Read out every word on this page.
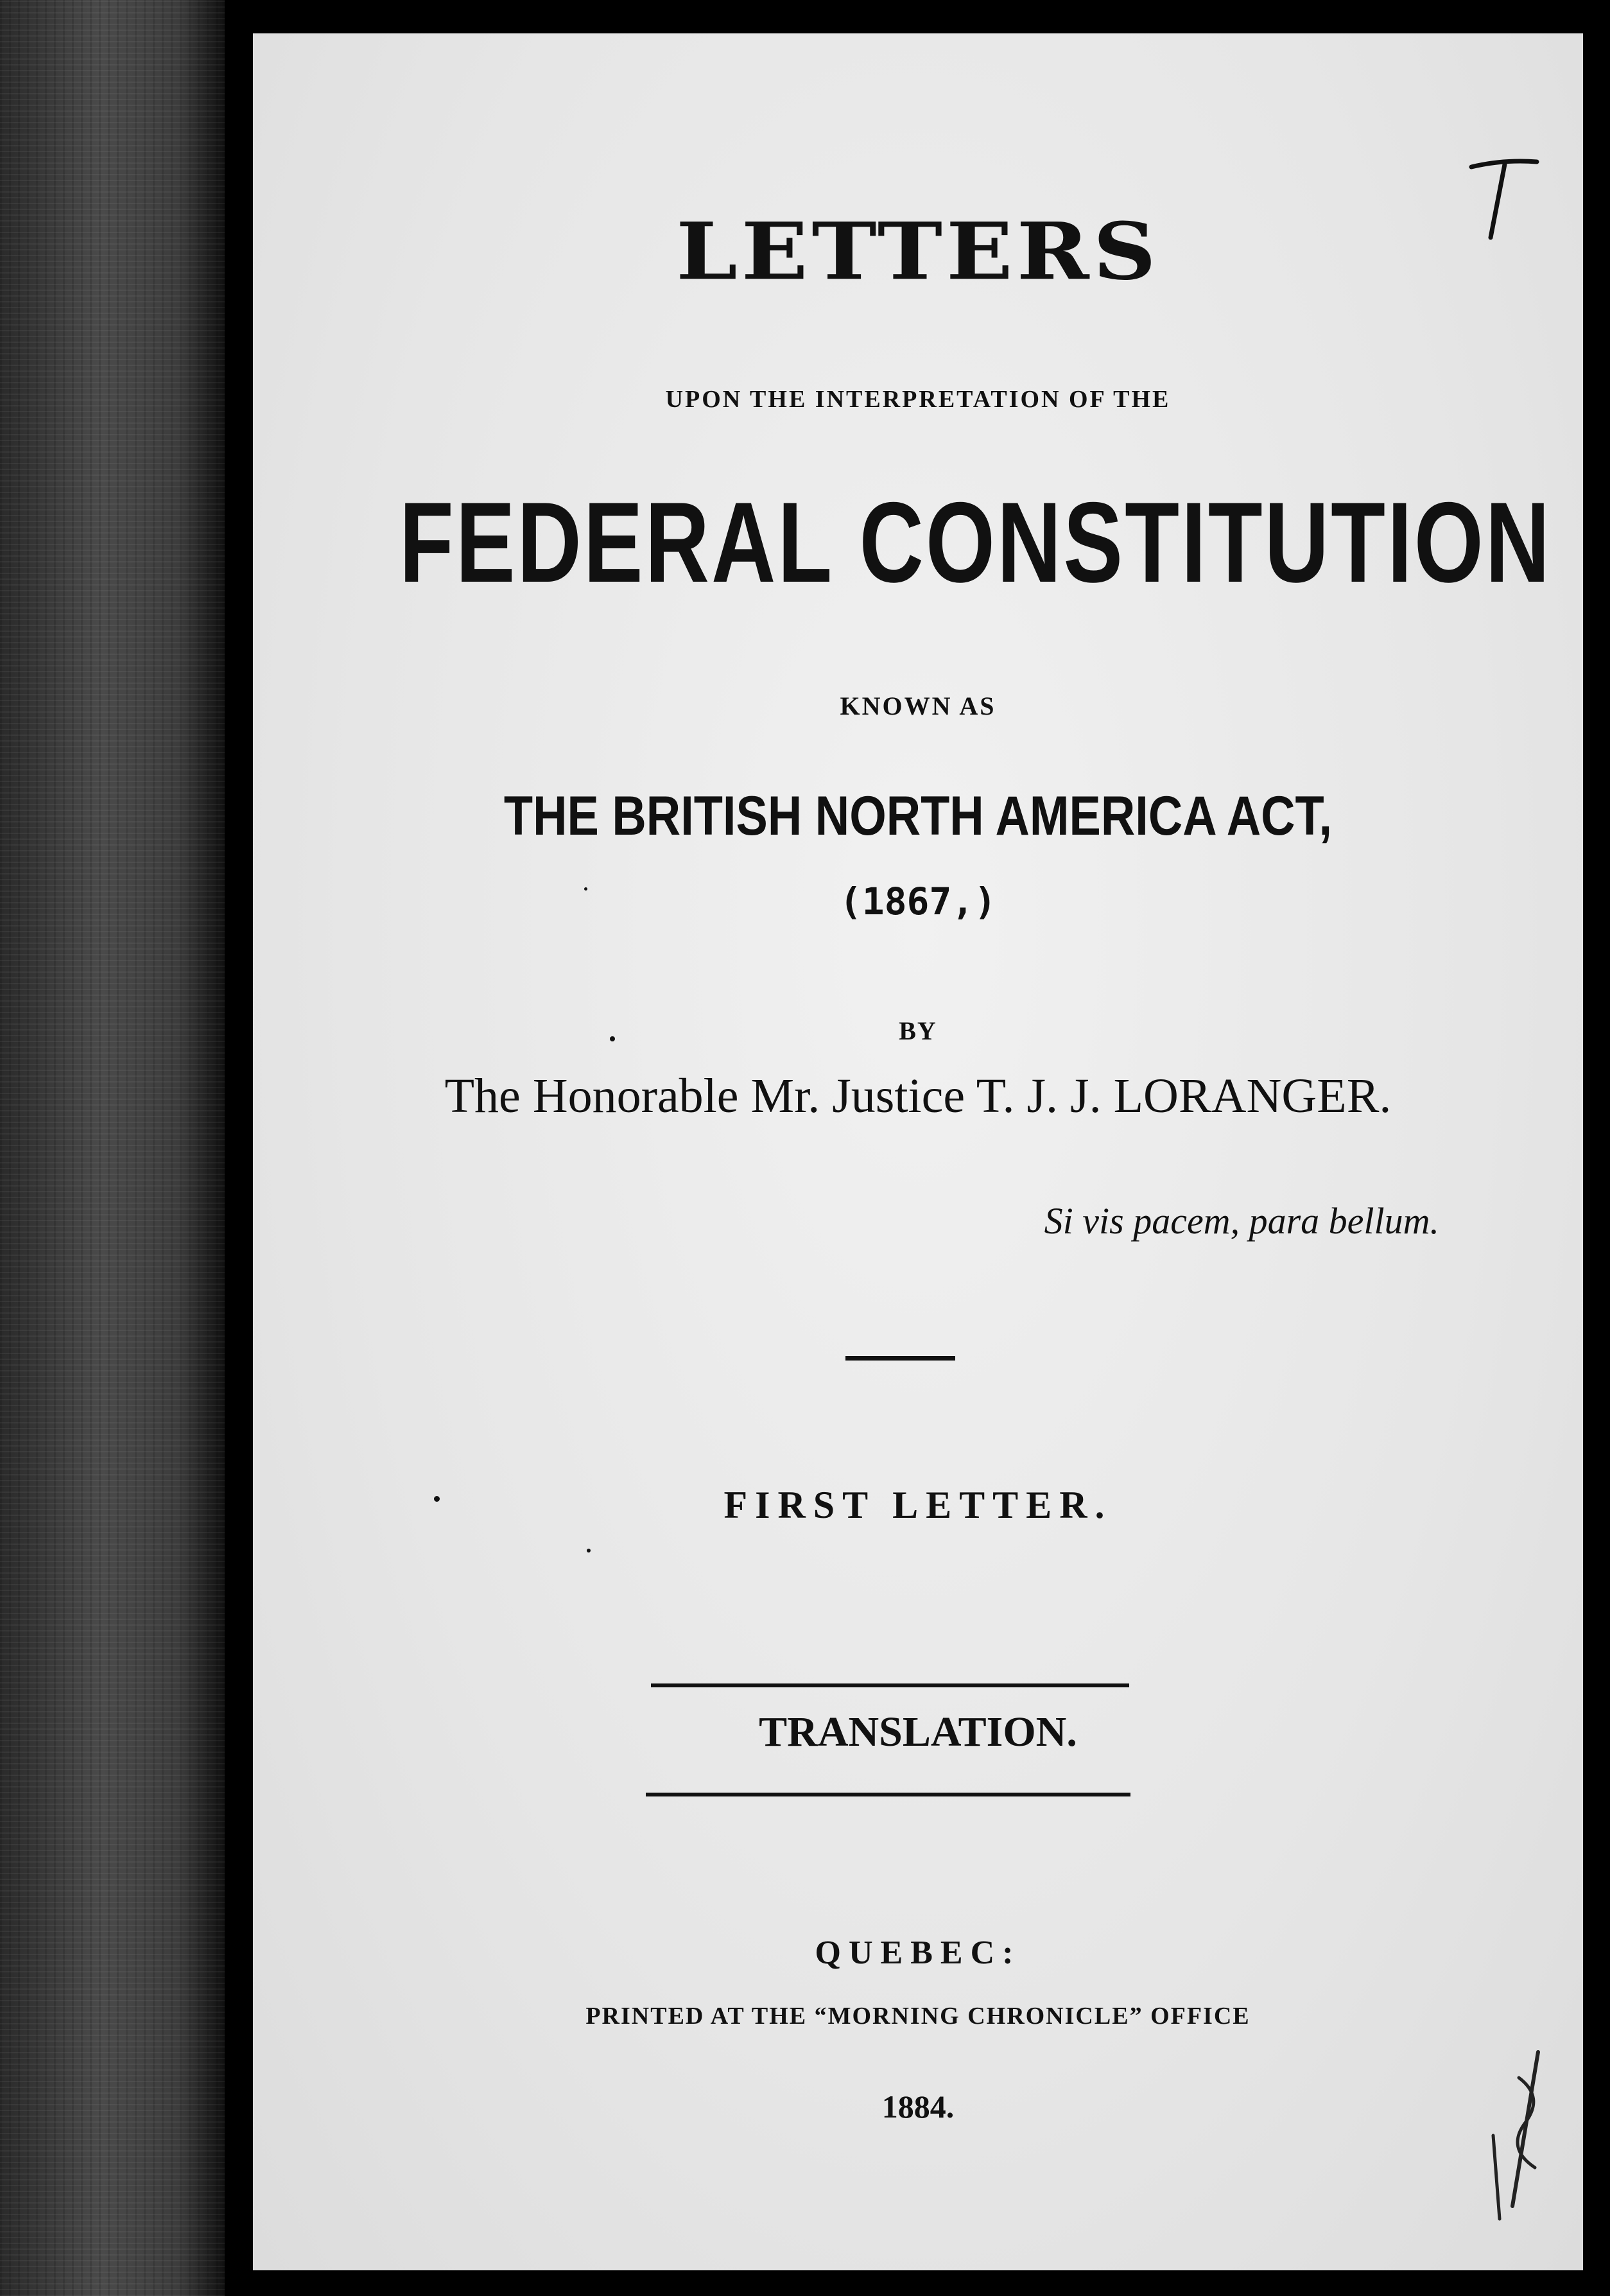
LETTERS
UPON THE INTERPRETATION OF THE
FEDERAL CONSTITUTION
KNOWN AS
THE BRITISH NORTH AMERICA ACT,
(1867,)
BY
The Honorable Mr. Justice T. J. J. LORANGER.
Si vis pacem, para bellum.
FIRST LETTER.
TRANSLATION.
QUEBEC:
PRINTED AT THE “MORNING CHRONICLE” OFFICE
1884.
